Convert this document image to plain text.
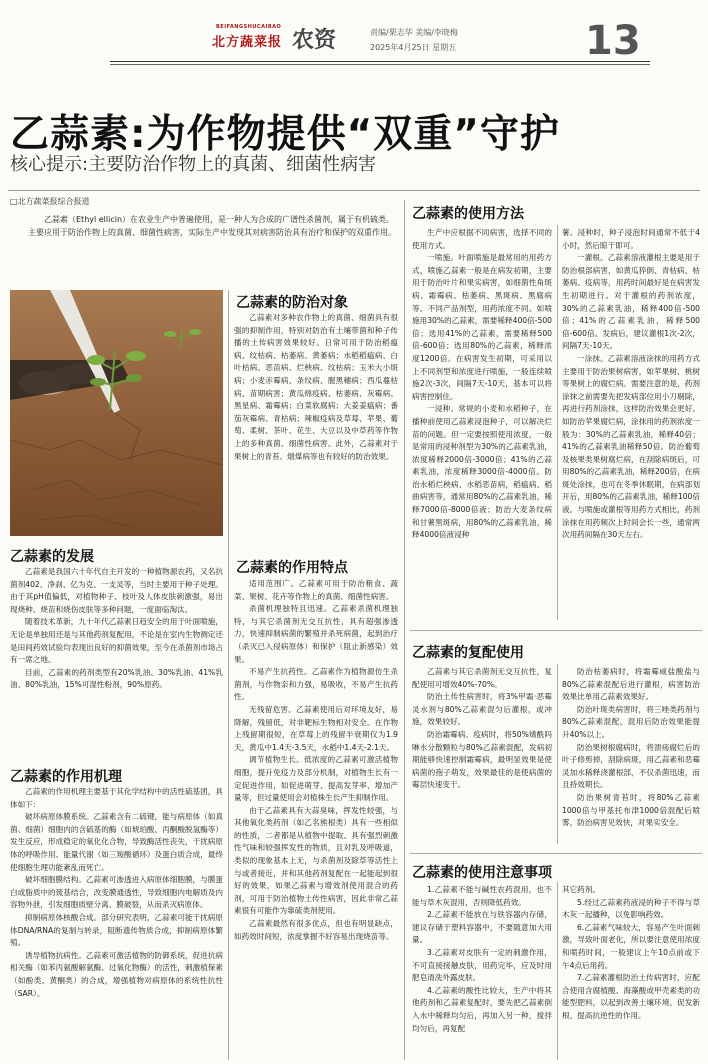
BEIFANGSHUCAIBAO
北方蔬菜报 农资	责编/栗志华 美编/李晓梅
2025年4月25日 星期五	13
乙蒜素:为作物提供“双重”守护
核心提示:主要防治作物上的真菌、细菌性病害
□北方蔬菜报综合报道
乙蒜素（Ethyl ellicin）在农业生产中普遍使用，是一种人为合成的广谱性杀菌剂，属于有机硫类。主要应用于防治作物上的真菌、细菌性病害，实际生产中发现其对病害防治具有治疗和保护的双重作用。
乙蒜素的防治对象

乙蒜素对多种农作物上的真菌、细菌具有很强的抑制作用，特别对防治有土壤带菌和种子传播的土传病害效果较好。日常可用于防治稻瘟病、纹枯病、枯萎病、黄萎病；水稻稻瘟病、白叶枯病、恶苗病、烂秧病、纹枯病；玉米大小斑病；小麦赤霉病、条纹病、腥黑穗病；西瓜蔓枯病、苗期病害；黄瓜绵疫病、枯萎病、灰霉病、黑星病、霜霉病；白菜软腐病；大姜姜瘟病；番茄灰霉病、青枯病；辣椒疫病及草莓、苹果、葡萄、柔树、茶叶、花生、大豆以及中草药等作物上的多种真菌、细菌性病害。此外，乙蒜素对于果树上的青苔、烟煤病等也有较好的防治效果。

乙蒜素的发展

乙蒜素是我国六十年代自主开发的一种植物源农药，又名抗菌剂402、净刹、亿为克、一支灵等，当时主要用于种子处理。由于其pH值偏低，对植物种子、枝叶及人体皮肤刺激强，易出现烧种、烧苗和烧伤皮肤等多种问题，一度面临淘汰。

随着技术革新，九十年代乙蒜素日趋安全的用于叶面喷施，无论是单独用还是与其他药剂复配用，不论是在室内生物测定还是田间药效试验均表现出良好的抑菌效果，至今在杀菌剂市场占有一席之地。

目前，乙蒜素的药剂类型有20%乳油、30%乳油、41%乳油、80%乳油，15%可湿性粉剂，90%原药。

乙蒜素的作用机理

乙蒜素的作用机理主要基于其化学结构中的活性硫基团，具体如下：

破坏病原体膜系统。乙蒜素含有二硫键，能与病原体（如真菌、细菌）细胞内的含硫基的酶（如琥珀酸、丙酮酸脱氢酶等）发生反应，形成稳定的氧化化合物，导致酶活性丧失，干扰病原体的呼吸作用、能量代谢（如三羧酸循环）及蛋白质合成，最终使细胞生理功能紊乱而死亡。

破坏细胞膜结构。乙蒜素可渗透进入病原体细胞膜，与膜蛋白或脂质中的巯基结合，改变膜通透性，导致细胞内电解质及内容物外泄，引发细胞质壁分离、膜破裂，从而杀灭病原体。

抑制病原体核酸合成。部分研究表明，乙蒜素可能干扰病原体DNA/RNA的复制与转录，阻断遗传物质合成，抑制病原体繁殖。

诱导植物抗病性。乙蒜素可激活植物的防御系统，促进抗病相关酶（如苯丙氨酸解氨酶、过氧化物酶）的活性，刺激植保素（如酚类、黄酮类）的合成，增强植物对病原体的系统性抗性（SAR）。

乙蒜素的作用特点

适用范围广。乙蒜素可用于防治粮食、蔬菜、果树、花卉等作物上的真菌、细菌性病害。

杀菌机理独特且迅速。乙蒜素杀菌机理独特，与其它杀菌剂无交互抗性，具有超强渗透力，快速抑制病菌的繁殖并杀死病菌，起到治疗（杀灭已入侵病原体）和保护（阻止新感染）效果。

不易产生抗药性。乙蒜素作为植物源仿生杀菌剂，与作物亲和力强，易吸收，不易产生抗药性。

无残留危害。乙蒜素使用后对环境友好，易降解，残留低，对非靶标生物相对安全。在作物上残留期很短，在草莓上的残留半衰期仅为1.9天，黄瓜中1.4天-3.5天，水稻中1.4天-2.1天。

调节植物生长。低浓度的乙蒜素可激活植物细胞，提升免疫力及部分机制，对植物生长有一定促进作用，如促进萌芽、提高发芽率、增加产量等，但过量使用会对植株生长产生抑制作用。

由于乙蒜素具有大蒜臭味，挥发性较强，与其他氧化类药剂（如乙名熊根类）具有一些相似的性质，二者都是从植物中提取、具有强烈刺激性气味和较强挥发性的物质，且对乳及呼吸道，类似的现象基本上无，与杀菌剂及除草等活性上与或者接近，并和其他药剂复配在一起能起到很好的效果，如果乙蒜素与增效剂使用混合的药剂，可用于防治植物土传性病害，因此非常乙蒜素很有可能作为靠硫类剂使用。

乙蒜素最然有很多优点，但也有明显缺点，如药效时间短，浓度掌握不好容易出现烧苗等。

乙蒜素的使用方法

生产中应根据不同病害，选择不同的使用方式。

一喷施。叶面喷施是最常用的用药方式，喷施乙蒜素一般是在病发初期，主要用于防治叶片和果实病害，如细菌性角斑病、霜霉病、枯萎病、黑斑病、黑腐病等。不同产品剂型，用药浓度不同。如喷施用30%的乙蒜素，需要稀释400倍-500倍；选用41%的乙蒜素，需要稀释500倍-600倍；选用80%的乙蒜素，稀释浓度1200倍。在病害发生初期，可采用以上不同剂型和浓度进行喷施，一般连续喷施2次-3次，间隔7天-10天，基本可以将病害控制住。

一浸种。常规的小麦和水稻种子，在播种前使用乙蒜素浸泡种子，可以解决烂苗的问题。但一定要按照使用浓度，一般是常用的浸种剂型为30%的乙蒜素乳油，浓度稀释2000倍-3000倍；41%的乙蒜素乳油，浓度稀释3000倍-4000倍。防治水稻烂秧病、水稻恶苗病，稻瘟病、稻曲病害等，通常用80%的乙蒜素乳油，稀释7000倍-8000倍液；防治大麦条纹病和甘薯黑斑病，用80%的乙蒜素乳油，稀释4000倍液浸种

薯。浸种时，种子浸泡时间通常不低于4小时，然后晾干即可。

一灌根。乙蒜素溶液灌根主要是用于防治根部病害，如黄瓜猝倒、青枯病、枯萎病、疫病等，用药时间最好是在病害发生初期进行。对于灌根的药剂浓度，30%的乙蒜素乳油，稀释400倍-500倍；41%的乙蒜素乳油，稀释500倍-600倍。发病后，建议灌根1次-2次，间隔7天-10天。

一涂抹。乙蒜素溶液涂抹的用药方式主要用于防治果树病害，如苹果树、桃树等果树上的腐烂病。需要注意的是，药剂涂抹之前需要先把发病部位用小刀剔除，再进行药剂涂抹，这样防治效果会更好。如防治苹果腐烂病，涂抹用的药剂浓度一般为：30%的乙蒜素乳油，稀释40倍；41%的乙蒜素乳油稀释50倍。防治葡萄及核果类果树腐烂病，在刮除病斑后，可用80%的乙蒜素乳油，稀释200倍，在病斑处涂抹，也可在冬季休眠期，在病部划开后，用80%的乙蒜素乳油，稀释100倍液。与喷施或灌根等用药方式相比，药剂涂抹在用药频次上时间会长一些，通常两次用药间隔在30天左右。

乙蒜素的复配使用

乙蒜素与其它杀菌剂无交互抗性，复配使用可增效40%-70%。

防治土传性病害时，将3%甲霜·恶霉灵水剂与80%乙蒜素混匀后灌根，或冲施，效果较好。

防治霜霉病、疫病时，将50%烯酰吗啉水分散颗粒与80%乙蒜素混配，发病初期能够快速控制霜霉病，最明显效果是使病菌的孢子萌发，效果最佳的是使病菌的霉层快速变干。

防治枯萎病时，将霜霉威盐酸盐与80%乙蒜素混配后进行灌根，病害防治效果比单用乙蒜素效果好。

防治叶斑类病害时，将三唑类药剂与80%乙蒜素混配，混用后防治效果能提升40%以上。

防治果树根腐病时，将溃疡腐烂后的叶子修剪掉，刮除病斑，用乙蒜素和恶霉灵加水稀释浇灌根部，不仅杀菌迅速，而且持效期长。

防治果树青苔时，将80%乙蒜素1000倍与甲基托布津1000倍混配后喷雾，防治病害见效快，对果实安全。

乙蒜素的使用注意事项

1.乙蒜素不能与碱性农药混用，也不能与草木灰混用，否则降低药效。

2.乙蒜素不能放在与铁容器内存储，建议存储于塑料容器中，不要随意加大用量。

3.乙蒜素对皮肤有一定的刺激作用，不可直接接触皮肤，用药完毕，应及时用肥皂清洗外露皮肤。

4.乙蒜素的酸性比较大，生产中将其他药剂和乙蒜素复配时，要先把乙蒜素倒入水中稀释均匀后，再加入另一种，搅拌均匀后，再复配

其它药剂。

5.经过乙蒜素药液浸的种子不得与草木灰一起播种，以免影响药效。

6.乙蒜素气味较大，容易产生叶面刺激，导致叶面老化，所以要注意使用浓度和喷药时间，一般建议上午10点前或下午4点后用药。

7.乙蒜素灌根防治土传病害时，应配合使用含腐植酸、海藻酸或甲壳素类的功能型肥料，以起到改善土壤环境、促发新根、提高抗逆性的作用。
